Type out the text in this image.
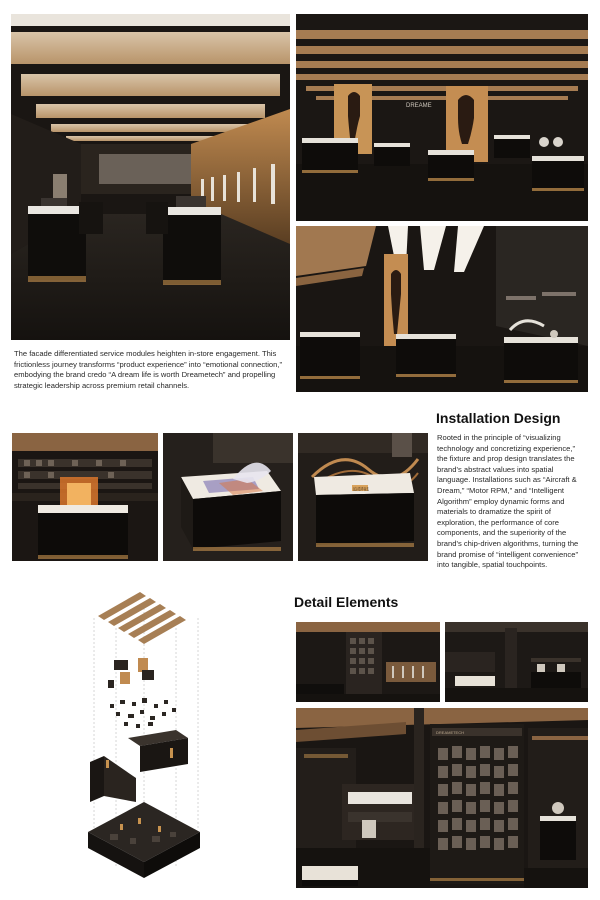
DREAME
The facade differentiated service modules heighten in-store engagement. This frictionless journey transforms “product experience” into “emotional connection,” embodying the brand credo “A dream life is worth Dreametech” and propelling strategic leadership across premium retail channels.
Installation Design
Rooted in the principle of “visualizing technology and concretizing experience,” the fixture and prop design translates the brand’s abstract values into spatial language. Installations such as “Aircraft & Dream,” “Motor RPM,” and “Intelligent Algorithm” employ dynamic forms and materials to dramatize the spirit of exploration, the performance of core components, and the superiority of the brand’s chip-driven algorithms, turning the brand promise of “intelligent convenience” into tangible, spatial touchpoints.
追觅科技
Detail Elements
DREAMETECH
